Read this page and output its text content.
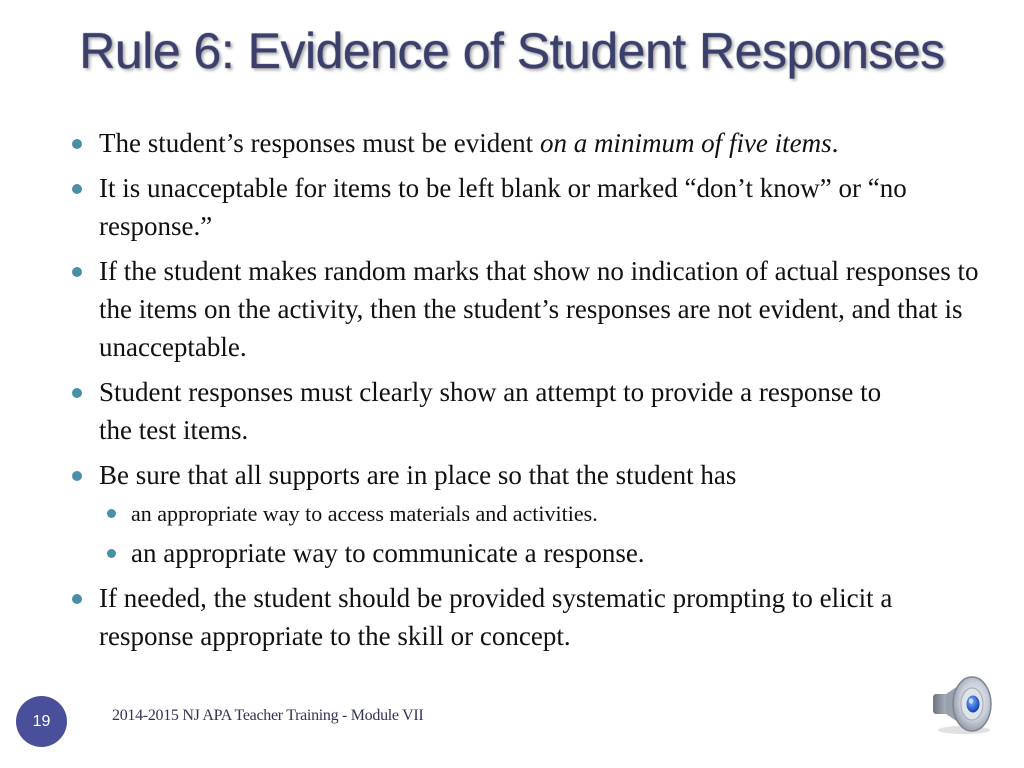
Rule 6: Evidence of Student Responses
The student’s responses must be evident on a minimum of five items.
It is unacceptable for items to be left blank or marked “don’t know” or “no response.”
If the student makes random marks that show no indication of actual responses to the items on the activity, then the student’s responses are not evident, and that is unacceptable.
Student responses must clearly show an attempt to provide a response to the test items.
Be sure that all supports are in place so that the student has
an appropriate way to access materials and activities.
an appropriate way to communicate a response.
If needed, the student should be provided systematic prompting to elicit a response appropriate to the skill or concept.
19	2014-2015 NJ APA Teacher Training - Module VII
